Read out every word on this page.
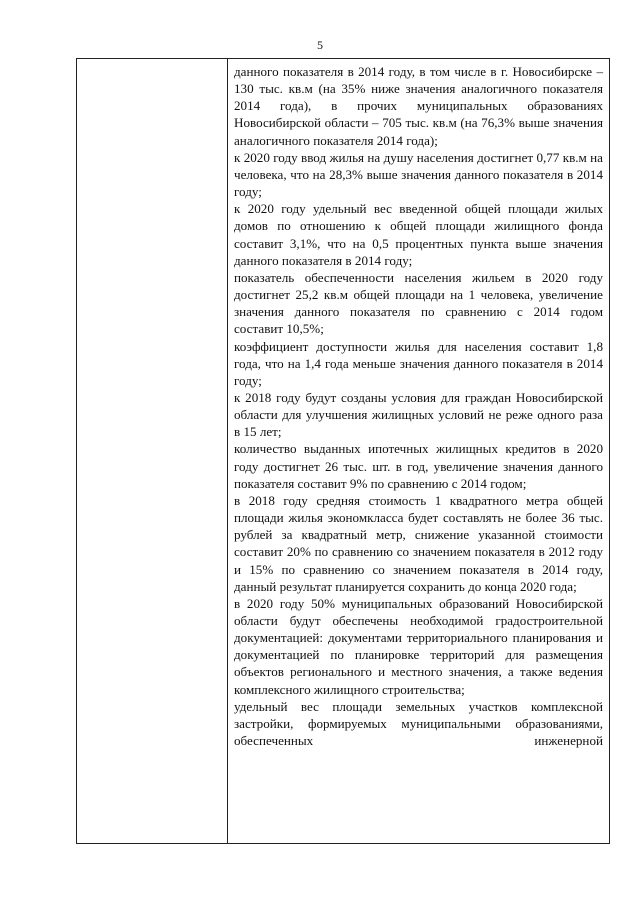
5

данного показателя в 2014 году, в том числе в г. Новосибирске – 130 тыс. кв.м (на 35% ниже значения аналогичного показателя 2014 года), в прочих муниципальных образованиях Новосибирской области – 705 тыс. кв.м (на 76,3% выше значения аналогичного показателя 2014 года);

к 2020 году ввод жилья на душу населения достигнет 0,77 кв.м на человека, что на 28,3% выше значения данного показателя в 2014 году;

к 2020 году удельный вес введенной общей площади жилых домов по отношению к общей площади жилищного фонда составит 3,1%, что на 0,5 процентных пункта выше значения данного показателя в 2014 году;

показатель обеспеченности населения жильем в 2020 году достигнет 25,2 кв.м общей площади на 1 человека, увеличение значения данного показателя по сравнению с 2014 годом составит 10,5%;

коэффициент доступности жилья для населения составит 1,8 года, что на 1,4 года меньше значения данного показателя в 2014 году;

к 2018 году будут созданы условия для граждан Новосибирской области для улучшения жилищных условий не реже одного раза в 15 лет;

количество выданных ипотечных жилищных кредитов в 2020 году достигнет 26 тыс. шт. в год, увеличение значения данного показателя составит 9% по сравнению с 2014 годом;

в 2018 году средняя стоимость 1 квадратного метра общей площади жилья экономкласса будет составлять не более 36 тыс. рублей за квадратный метр, снижение указанной стоимости составит 20% по сравнению со значением показателя в 2012 году и 15% по сравнению со значением показателя в 2014 году, данный результат планируется сохранить до конца 2020 года;

в 2020 году 50% муниципальных образований Новосибирской области будут обеспечены необходимой градостроительной документацией: документами территориального планирования и документацией по планировке территорий для размещения объектов регионального и местного значения, а также ведения комплексного жилищного строительства;

удельный вес площади земельных участков комплексной застройки, формируемых муниципальными образованиями, обеспеченных инженерной
